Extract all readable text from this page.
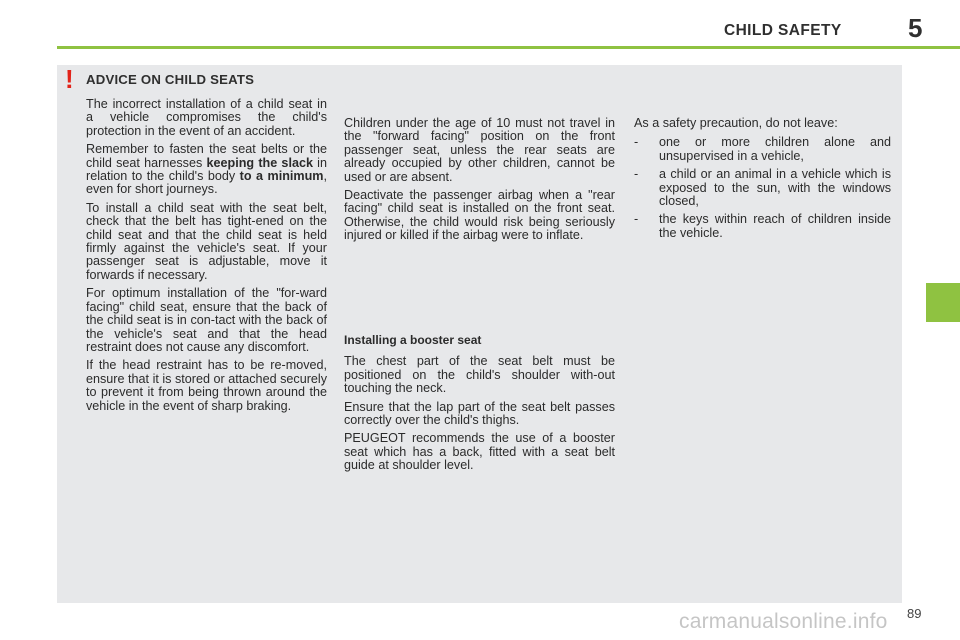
CHILD SAFETY	5
! ADVICE ON CHILD SEATS

The incorrect installation of a child seat in a vehicle compromises the child's protection in the event of an accident.

Remember to fasten the seat belts or the child seat harnesses keeping the slack in relation to the child's body to a minimum, even for short journeys.

To install a child seat with the seat belt, check that the belt has tight-ened on the child seat and that the child seat is held firmly against the vehicle's seat. If your passenger seat is adjustable, move it forwards if necessary.

For optimum installation of the "for-ward facing" child seat, ensure that the back of the child seat is in con-tact with the back of the vehicle's seat and that the head restraint does not cause any discomfort.

If the head restraint has to be re-moved, ensure that it is stored or attached securely to prevent it from being thrown around the vehicle in the event of sharp braking.

Children under the age of 10 must not travel in the "forward facing" position on the front passenger seat, unless the rear seats are already occupied by other children, cannot be used or are absent.

Deactivate the passenger airbag when a "rear facing" child seat is installed on the front seat. Otherwise, the child would risk being seriously injured or killed if the airbag were to inflate.

Installing a booster seat

The chest part of the seat belt must be positioned on the child's shoulder with-out touching the neck.

Ensure that the lap part of the seat belt passes correctly over the child's thighs.

PEUGEOT recommends the use of a booster seat which has a back, fitted with a seat belt guide at shoulder level.

As a safety precaution, do not leave:

- one or more children alone and unsupervised in a vehicle,

- a child or an animal in a vehicle which is exposed to the sun, with the windows closed,

- the keys within reach of children inside the vehicle.

89
carmanualsonline.info
